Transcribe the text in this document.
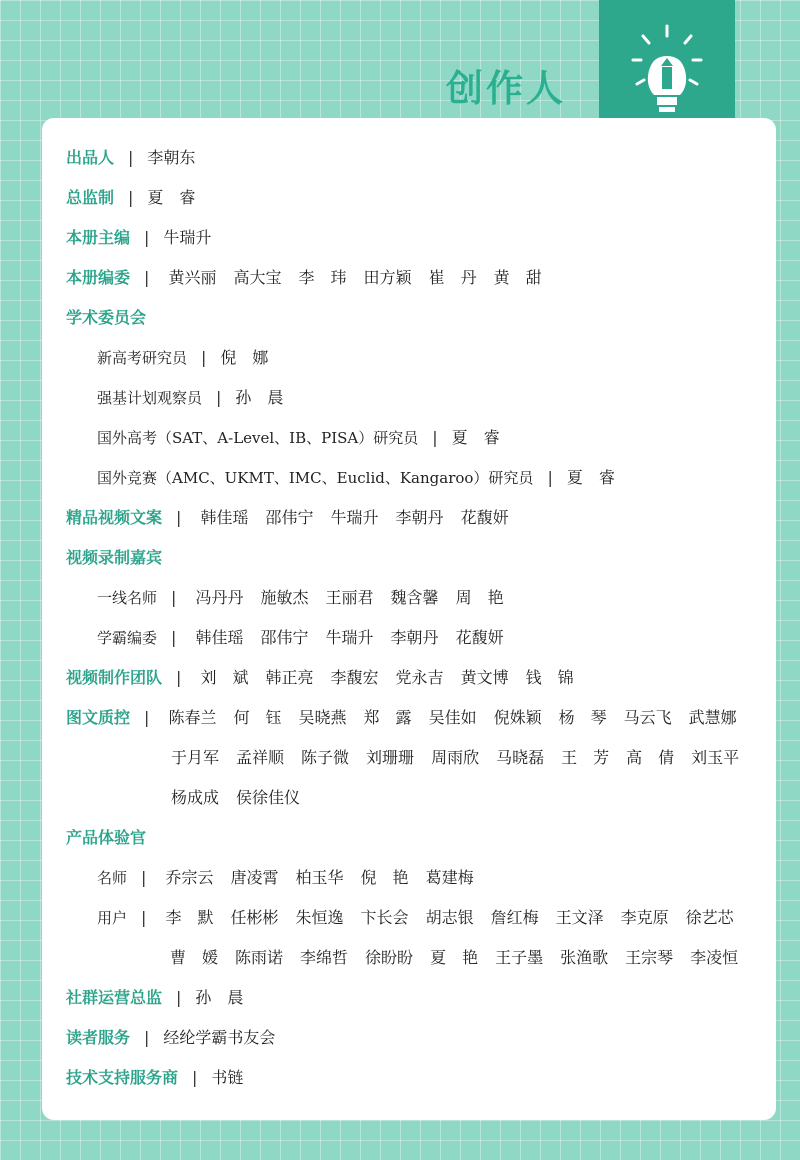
创作人
出品人 | 李朝东
总监制 | 夏　睿
本册主编 | 牛瑞升
本册编委 | 黄兴丽 高大宝 李　玮 田方颖 崔　丹 黄　甜
学术委员会
新高考研究员 | 倪　娜
强基计划观察员 | 孙　晨
国外高考（SAT、A-Level、IB、PISA）研究员 | 夏　睿
国外竞赛（AMC、UKMT、IMC、Euclid、Kangaroo）研究员 | 夏　睿
精品视频文案 | 韩佳瑶 邵伟宁 牛瑞升 李朝丹 花馥妍
视频录制嘉宾
一线名师 | 冯丹丹 施敏杰 王丽君 魏含馨 周　艳
学霸编委 | 韩佳瑶 邵伟宁 牛瑞升 李朝丹 花馥妍
视频制作团队 | 刘　斌 韩正亮 李馥宏 党永吉 黄文博 钱　锦
图文质控 | 陈春兰 何　钰 吴晓燕 郑　露 吴佳如 倪姝颖 杨　琴 马云飞 武慧娜
于月军 孟祥顺 陈子微 刘珊珊 周雨欣 马晓磊 王　芳 高　倩 刘玉平
杨成成 侯徐佳仪
产品体验官
名师 | 乔宗云 唐凌霄 柏玉华 倪　艳 葛建梅
用户 | 李　默 任彬彬 朱恒逸 卞长会 胡志银 詹红梅 王文泽 李克原 徐艺芯
曹　媛 陈雨诺 李绵哲 徐盼盼 夏　艳 王子墨 张渔歌 王宗琴 李凌恒
社群运营总监 | 孙　晨
读者服务 | 经纶学霸书友会
技术支持服务商 | 书链
